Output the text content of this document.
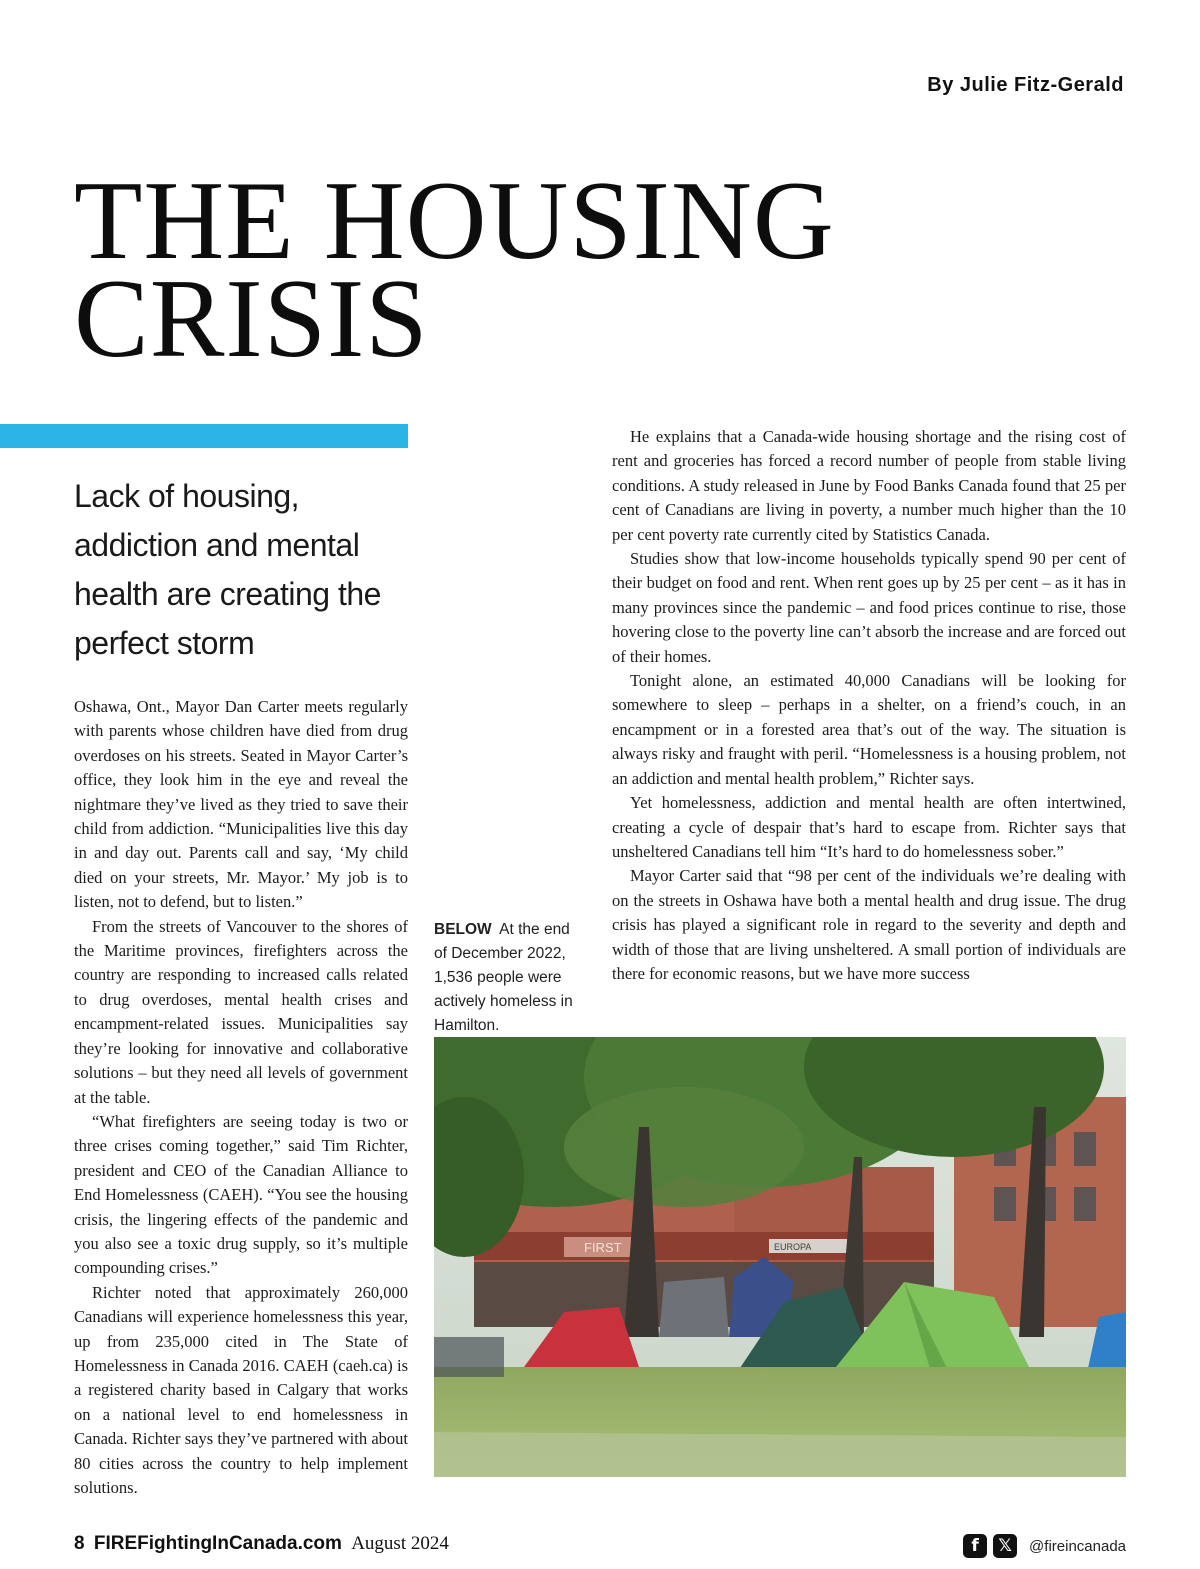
By Julie Fitz-Gerald
THE HOUSING
CRISIS

Lack of housing, addiction and mental health are creating the perfect storm

Oshawa, Ont., Mayor Dan Carter meets regularly with parents whose children have died from drug overdoses on his streets. Seated in Mayor Carter’s office, they look him in the eye and reveal the nightmare they’ve lived as they tried to save their child from addiction. “Municipalities live this day in and day out. Parents call and say, ‘My child died on your streets, Mr. Mayor.’ My job is to listen, not to defend, but to listen.”

From the streets of Vancouver to the shores of the Maritime provinces, firefighters across the country are responding to increased calls related to drug overdoses, mental health crises and encampment-related issues. Municipalities say they’re looking for innovative and collaborative solutions – but they need all levels of government at the table.

“What firefighters are seeing today is two or three crises coming together,” said Tim Richter, president and CEO of the Canadian Alliance to End Homelessness (CAEH). “You see the housing crisis, the lingering effects of the pandemic and you also see a toxic drug supply, so it’s multiple compounding crises.”

Richter noted that approximately 260,000 Canadians will experience homelessness this year, up from 235,000 cited in The State of Homelessness in Canada 2016. CAEH (caeh.ca) is a registered charity based in Calgary that works on a national level to end homelessness in Canada. Richter says they’ve partnered with about 80 cities across the country to help implement solutions.

He explains that a Canada-wide housing shortage and the rising cost of rent and groceries has forced a record number of people from stable living conditions. A study released in June by Food Banks Canada found that 25 per cent of Canadians are living in poverty, a number much higher than the 10 per cent poverty rate currently cited by Statistics Canada.

Studies show that low-income households typically spend 90 per cent of their budget on food and rent. When rent goes up by 25 per cent – as it has in many provinces since the pandemic – and food prices continue to rise, those hovering close to the poverty line can’t absorb the increase and are forced out of their homes.

Tonight alone, an estimated 40,000 Canadians will be looking for somewhere to sleep – perhaps in a shelter, on a friend’s couch, in an encampment or in a forested area that’s out of the way. The situation is always risky and fraught with peril. “Homelessness is a housing problem, not an addiction and mental health problem,” Richter says.

Yet homelessness, addiction and mental health are often intertwined, creating a cycle of despair that’s hard to escape from. Richter says that unsheltered Canadians tell him “It’s hard to do homelessness sober.”

Mayor Carter said that “98 per cent of the individuals we’re dealing with on the streets in Oshawa have both a mental health and drug issue. The drug crisis has played a significant role in regard to the severity and depth and width of those that are living unsheltered. A small portion of individuals are there for economic reasons, but we have more success

BELOW At the end of December 2022, 1,536 people were actively homeless in Hamilton.
FIRST	EUROPA
8 FIREFightingInCanada.com August 2024	f	𝕏	@fireincanada
